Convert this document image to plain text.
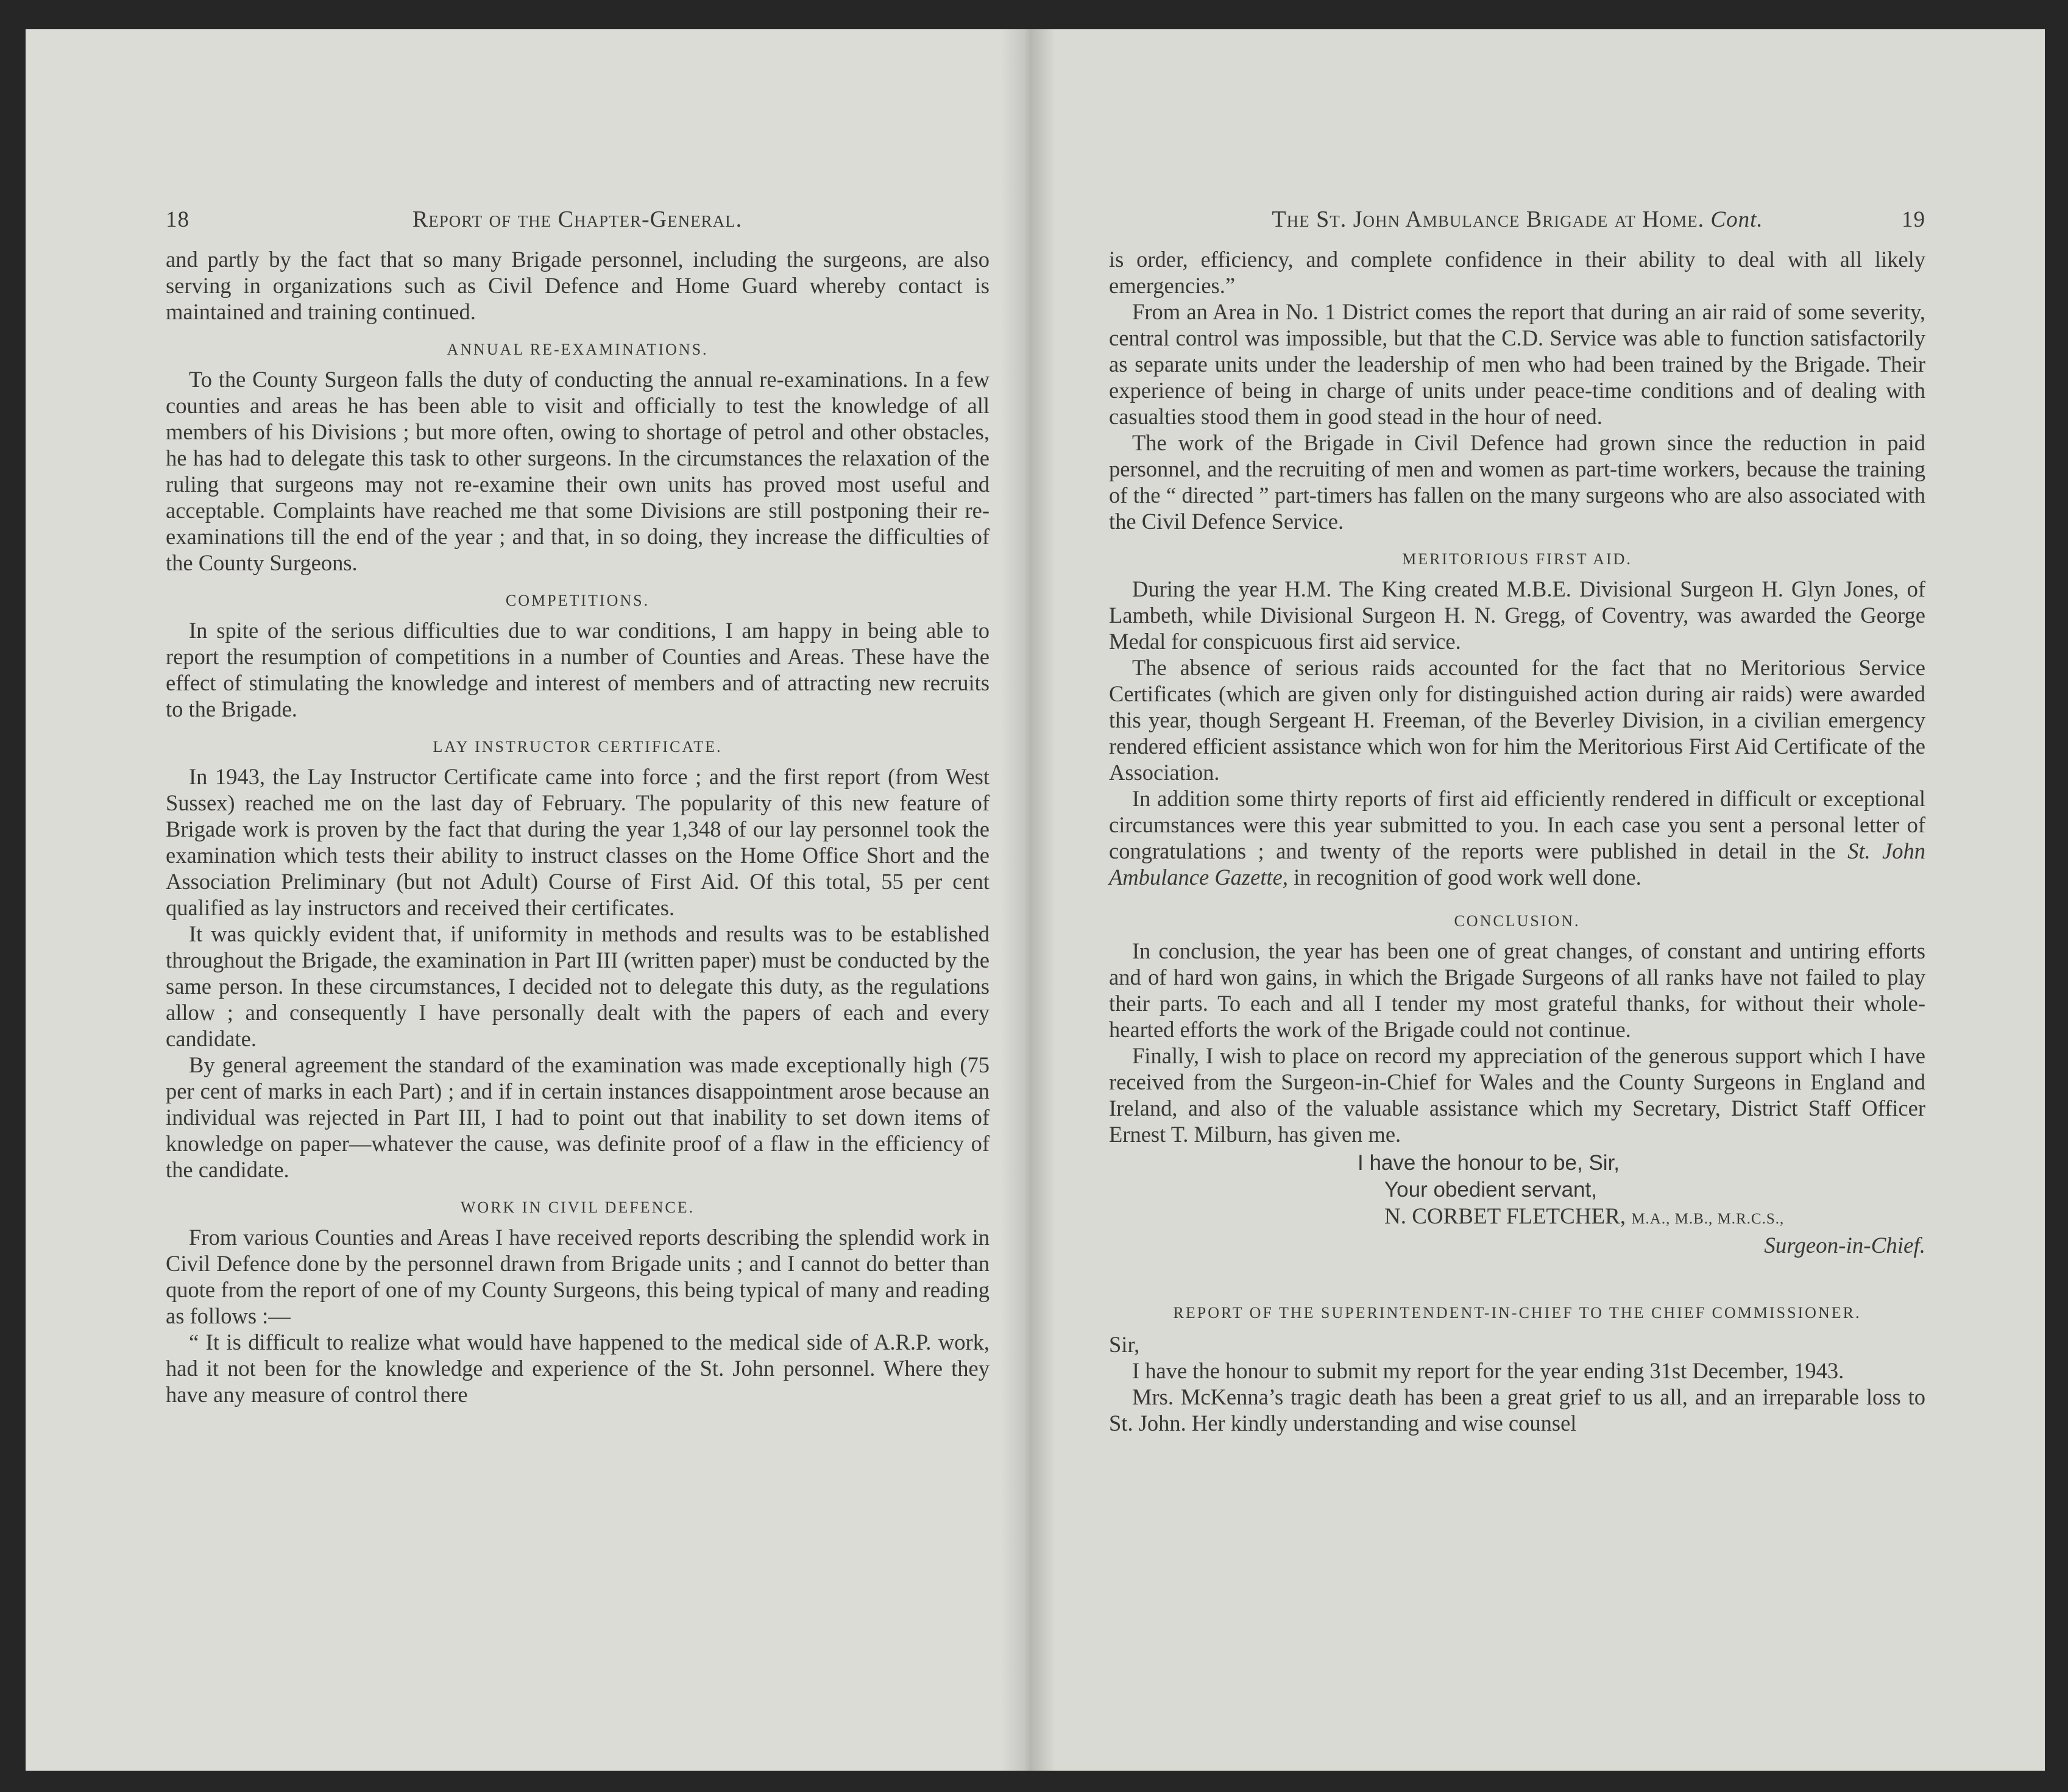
18	Report of the Chapter-General.

and partly by the fact that so many Brigade personnel, including the surgeons, are also serving in organizations such as Civil Defence and Home Guard whereby contact is maintained and training continued.

ANNUAL RE-EXAMINATIONS.

To the County Surgeon falls the duty of conducting the annual re-examinations. In a few counties and areas he has been able to visit and officially to test the knowledge of all members of his Divisions ; but more often, owing to shortage of petrol and other obstacles, he has had to delegate this task to other surgeons. In the circumstances the relaxation of the ruling that surgeons may not re-examine their own units has proved most useful and acceptable. Complaints have reached me that some Divisions are still postponing their re-examinations till the end of the year ; and that, in so doing, they increase the difficulties of the County Surgeons.

COMPETITIONS.

In spite of the serious difficulties due to war conditions, I am happy in being able to report the resumption of competitions in a number of Counties and Areas. These have the effect of stimulating the knowledge and interest of members and of attracting new recruits to the Brigade.

LAY INSTRUCTOR CERTIFICATE.

In 1943, the Lay Instructor Certificate came into force ; and the first report (from West Sussex) reached me on the last day of February. The popularity of this new feature of Brigade work is proven by the fact that during the year 1,348 of our lay personnel took the examination which tests their ability to instruct classes on the Home Office Short and the Association Preliminary (but not Adult) Course of First Aid. Of this total, 55 per cent qualified as lay instructors and received their certificates.

It was quickly evident that, if uniformity in methods and results was to be established throughout the Brigade, the examination in Part III (written paper) must be conducted by the same person. In these circumstances, I decided not to delegate this duty, as the regulations allow ; and consequently I have personally dealt with the papers of each and every candidate.

By general agreement the standard of the examination was made exceptionally high (75 per cent of marks in each Part) ; and if in certain instances disappointment arose because an individual was rejected in Part III, I had to point out that inability to set down items of knowledge on paper—whatever the cause, was definite proof of a flaw in the efficiency of the candidate.

WORK IN CIVIL DEFENCE.

From various Counties and Areas I have received reports describing the splendid work in Civil Defence done by the personnel drawn from Brigade units ; and I cannot do better than quote from the report of one of my County Surgeons, this being typical of many and reading as follows :—

“ It is difficult to realize what would have happened to the medical side of A.R.P. work, had it not been for the knowledge and experience of the St. John personnel. Where they have any measure of control there

The St. John Ambulance Brigade at Home. Cont.	19

is order, efficiency, and complete confidence in their ability to deal with all likely emergencies.”

From an Area in No. 1 District comes the report that during an air raid of some severity, central control was impossible, but that the C.D. Service was able to function satisfactorily as separate units under the leadership of men who had been trained by the Brigade. Their experience of being in charge of units under peace-time conditions and of dealing with casualties stood them in good stead in the hour of need.

The work of the Brigade in Civil Defence had grown since the reduction in paid personnel, and the recruiting of men and women as part-time workers, because the training of the “ directed ” part-timers has fallen on the many surgeons who are also associated with the Civil Defence Service.

MERITORIOUS FIRST AID.

During the year H.M. The King created M.B.E. Divisional Surgeon H. Glyn Jones, of Lambeth, while Divisional Surgeon H. N. Gregg, of Coventry, was awarded the George Medal for conspicuous first aid service.

The absence of serious raids accounted for the fact that no Meritorious Service Certificates (which are given only for distinguished action during air raids) were awarded this year, though Sergeant H. Freeman, of the Beverley Division, in a civilian emergency rendered efficient assistance which won for him the Meritorious First Aid Certificate of the Association.

In addition some thirty reports of first aid efficiently rendered in difficult or exceptional circumstances were this year submitted to you. In each case you sent a personal letter of congratulations ; and twenty of the reports were published in detail in the St. John Ambulance Gazette, in recognition of good work well done.

CONCLUSION.

In conclusion, the year has been one of great changes, of constant and untiring efforts and of hard won gains, in which the Brigade Surgeons of all ranks have not failed to play their parts. To each and all I tender my most grateful thanks, for without their whole-hearted efforts the work of the Brigade could not continue.

Finally, I wish to place on record my appreciation of the generous support which I have received from the Surgeon-in-Chief for Wales and the County Surgeons in England and Ireland, and also of the valuable assistance which my Secretary, District Staff Officer Ernest T. Milburn, has given me.

I have the honour to be, Sir,
Your obedient servant,
N. CORBET FLETCHER, M.A., M.B., M.R.C.S.,
Surgeon-in-Chief.
REPORT OF THE SUPERINTENDENT-IN-CHIEF TO THE CHIEF COMMISSIONER.

Sir,

I have the honour to submit my report for the year ending 31st December, 1943.

Mrs. McKenna’s tragic death has been a great grief to us all, and an irreparable loss to St. John. Her kindly understanding and wise counsel
